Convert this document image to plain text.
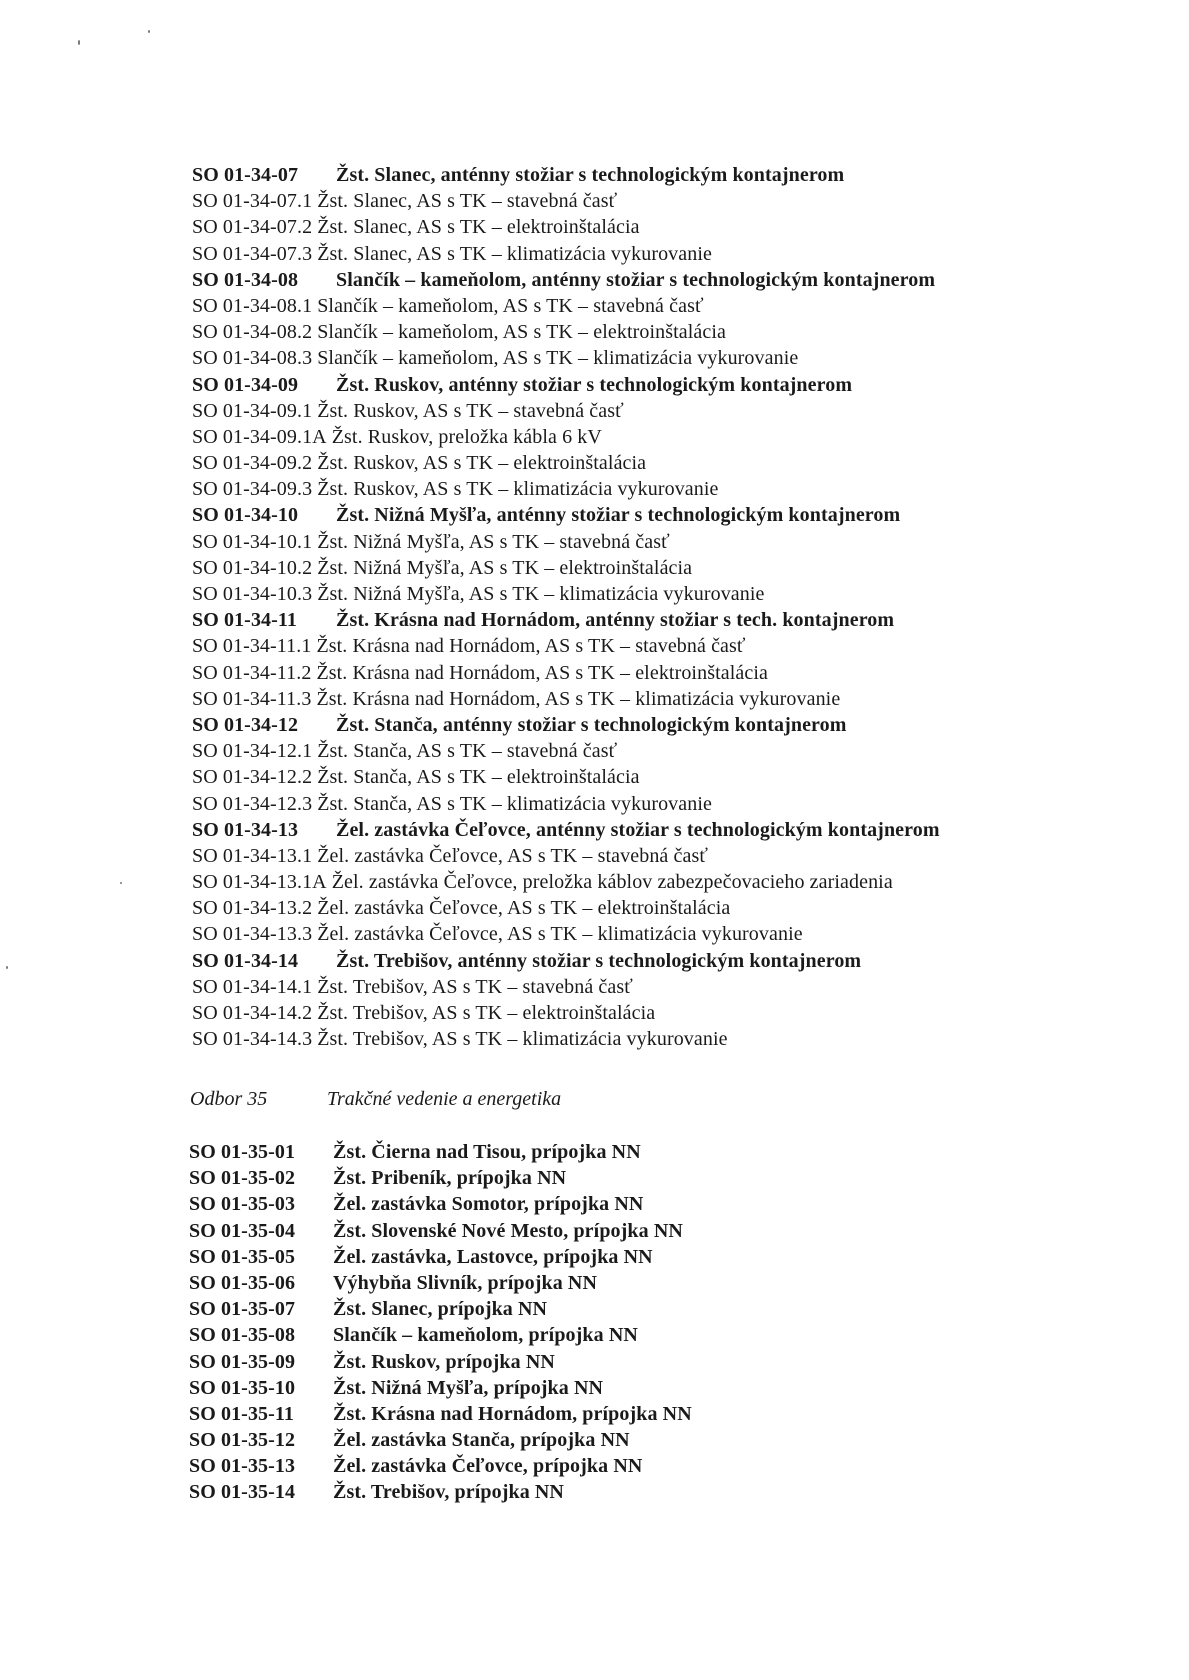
SO 01-34-07 Žst. Slanec, anténny stožiar s technologickým kontajnerom
SO 01-34-07.1 Žst. Slanec, AS s TK – stavebná časť
SO 01-34-07.2 Žst. Slanec, AS s TK – elektroinštalácia
SO 01-34-07.3 Žst. Slanec, AS s TK – klimatizácia vykurovanie
SO 01-34-08 Slančík – kameňolom, anténny stožiar s technologickým kontajnerom
SO 01-34-08.1 Slančík – kameňolom, AS s TK – stavebná časť
SO 01-34-08.2 Slančík – kameňolom, AS s TK – elektroinštalácia
SO 01-34-08.3 Slančík – kameňolom, AS s TK – klimatizácia vykurovanie
SO 01-34-09 Žst. Ruskov, anténny stožiar s technologickým kontajnerom
SO 01-34-09.1 Žst. Ruskov, AS s TK – stavebná časť
SO 01-34-09.1A Žst. Ruskov, preložka kábla 6 kV
SO 01-34-09.2 Žst. Ruskov, AS s TK – elektroinštalácia
SO 01-34-09.3 Žst. Ruskov, AS s TK – klimatizácia vykurovanie
SO 01-34-10 Žst. Nižná Myšľa, anténny stožiar s technologickým kontajnerom
SO 01-34-10.1 Žst. Nižná Myšľa, AS s TK – stavebná časť
SO 01-34-10.2 Žst. Nižná Myšľa, AS s TK – elektroinštalácia
SO 01-34-10.3 Žst. Nižná Myšľa, AS s TK – klimatizácia vykurovanie
SO 01-34-11 Žst. Krásna nad Hornádom, anténny stožiar s tech. kontajnerom
SO 01-34-11.1 Žst. Krásna nad Hornádom, AS s TK – stavebná časť
SO 01-34-11.2 Žst. Krásna nad Hornádom, AS s TK – elektroinštalácia
SO 01-34-11.3 Žst. Krásna nad Hornádom, AS s TK – klimatizácia vykurovanie
SO 01-34-12 Žst. Stanča, anténny stožiar s technologickým kontajnerom
SO 01-34-12.1 Žst. Stanča, AS s TK – stavebná časť
SO 01-34-12.2 Žst. Stanča, AS s TK – elektroinštalácia
SO 01-34-12.3 Žst. Stanča, AS s TK – klimatizácia vykurovanie
SO 01-34-13 Žel. zastávka Čeľovce, anténny stožiar s technologickým kontajnerom
SO 01-34-13.1 Žel. zastávka Čeľovce, AS s TK – stavebná časť
SO 01-34-13.1A Žel. zastávka Čeľovce, preložka káblov zabezpečovacieho zariadenia
SO 01-34-13.2 Žel. zastávka Čeľovce, AS s TK – elektroinštalácia
SO 01-34-13.3 Žel. zastávka Čeľovce, AS s TK – klimatizácia vykurovanie
SO 01-34-14 Žst. Trebišov, anténny stožiar s technologickým kontajnerom
SO 01-34-14.1 Žst. Trebišov, AS s TK – stavebná časť
SO 01-34-14.2 Žst. Trebišov, AS s TK – elektroinštalácia
SO 01-34-14.3 Žst. Trebišov, AS s TK – klimatizácia vykurovanie
Odbor 35	Trakčné vedenie a energetika
SO 01-35-01 Žst. Čierna nad Tisou, prípojka NN
SO 01-35-02 Žst. Pribeník, prípojka NN
SO 01-35-03 Žel. zastávka Somotor, prípojka NN
SO 01-35-04 Žst. Slovenské Nové Mesto, prípojka NN
SO 01-35-05 Žel. zastávka, Lastovce, prípojka NN
SO 01-35-06 Výhybňa Slivník, prípojka NN
SO 01-35-07 Žst. Slanec, prípojka NN
SO 01-35-08 Slančík – kameňolom, prípojka NN
SO 01-35-09 Žst. Ruskov, prípojka NN
SO 01-35-10 Žst. Nižná Myšľa, prípojka NN
SO 01-35-11 Žst. Krásna nad Hornádom, prípojka NN
SO 01-35-12 Žel. zastávka Stanča, prípojka NN
SO 01-35-13 Žel. zastávka Čeľovce, prípojka NN
SO 01-35-14 Žst. Trebišov, prípojka NN
